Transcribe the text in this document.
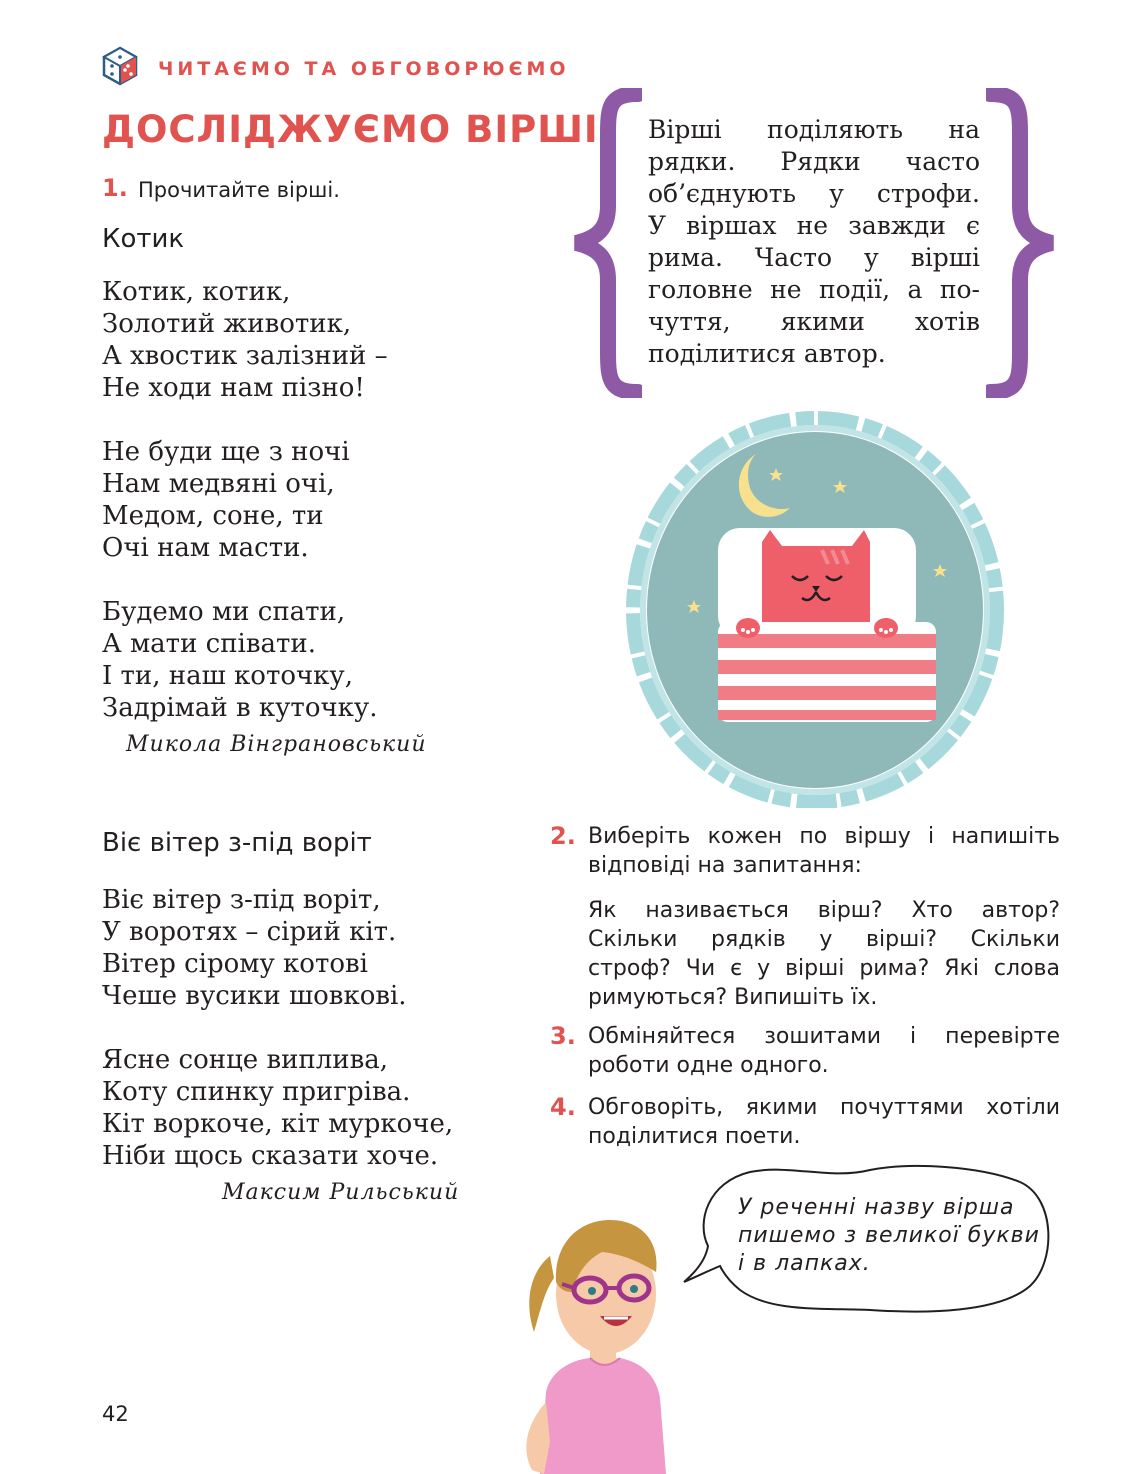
ЧИТАЄМО ТА ОБГОВОРЮЄМО
ДОСЛІДЖУЄМО ВІРШІ
1. Прочитайте вірші.
Котик
Котик, котик,
Золотий животик,
А хвостик залізний –
Не ходи нам пізно!
Не буди ще з ночі
Нам медвяні очі,
Медом, соне, ти
Очі нам масти.
Будемо ми спати,
А мати співати.
І ти, наш коточку,
Задрімай в куточку.
Микола Вінграновський
Віє вітер з-під воріт
Віє вітер з-під воріт,
У воротях – сірий кіт.
Вітер сірому котові
Чеше вусики шовкові.
Ясне сонце виплива,
Коту спинку пригріва.
Кіт воркоче, кіт муркоче,
Ніби щось сказати хоче.
Максим Рильський
Вірші поділяють на
рядки. Рядки часто
об’єднують у строфи.
У віршах не завжди є
рима. Часто у вірші
головне не події, а по-
чуття, якими хотів
поділитися автор.
2. Виберіть кожен по віршу і напишіть відповіді на запитання:
Як називається вірш? Хто автор?
Скільки рядків у вірші? Скільки
строф? Чи є у вірші рима? Які слова
римуються? Випишіть їх.
3. Обміняйтеся зошитами і перевірте роботи одне одного.
4. Обговоріть, якими почуттями хотіли поділитися поети.
У реченні назву вірша
пишемо з великої букви
і в лапках.
42
